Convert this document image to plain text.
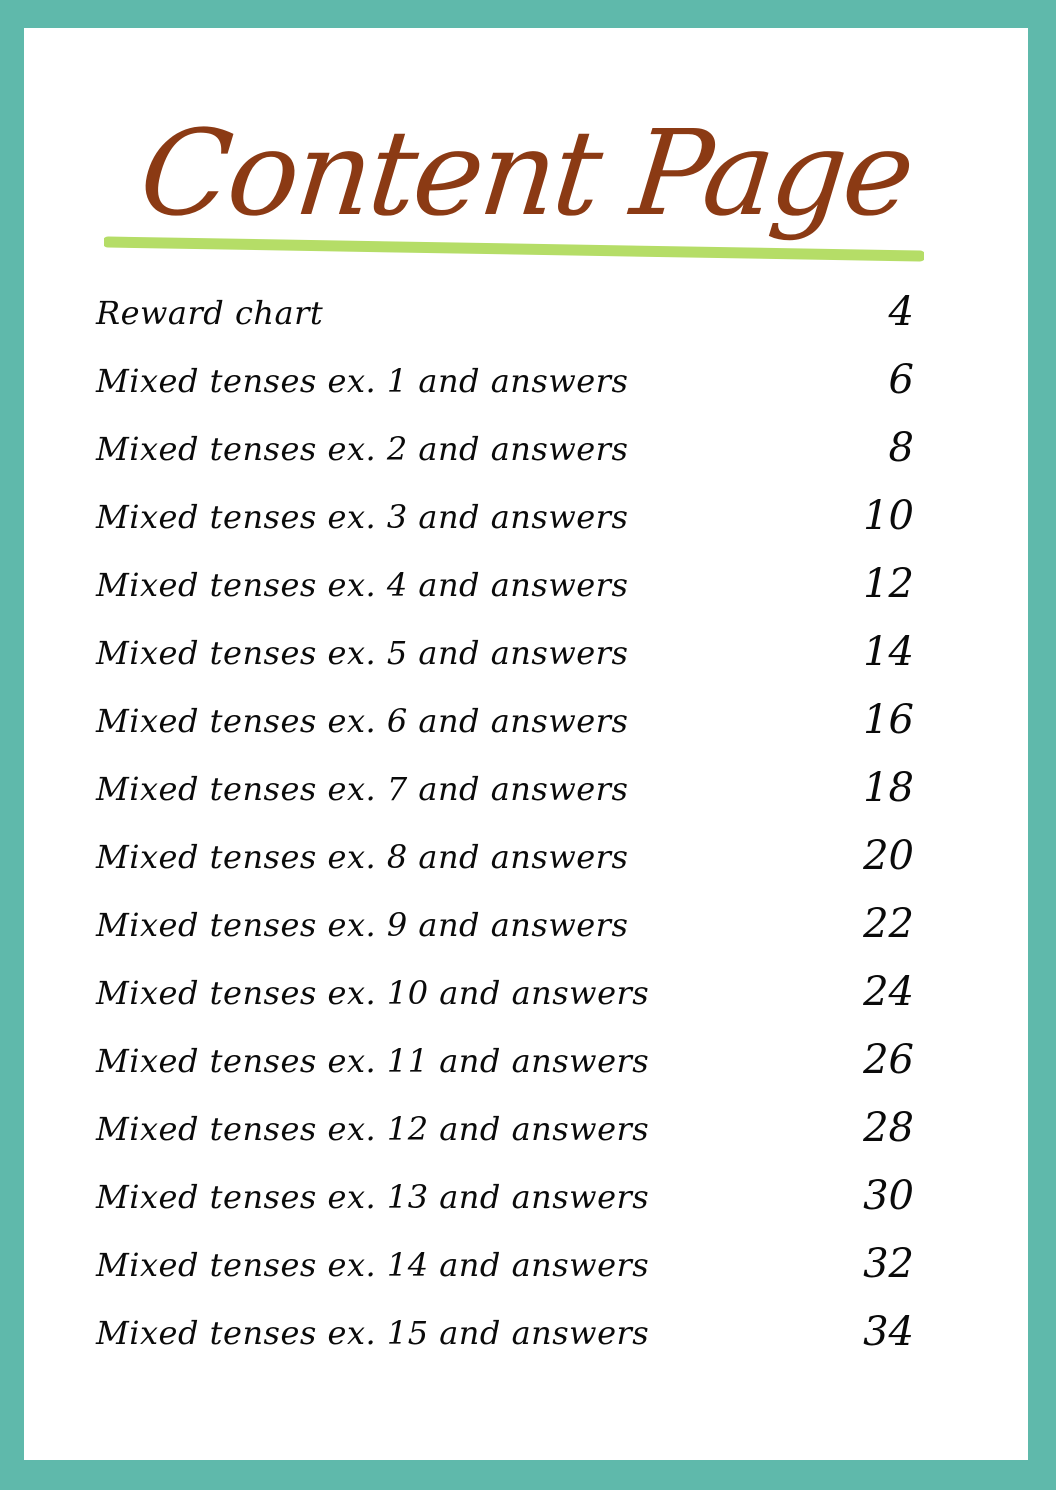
Content Page
Reward chart	4
Mixed tenses ex. 1 and answers	6
Mixed tenses ex. 2 and answers	8
Mixed tenses ex. 3 and answers	10
Mixed tenses ex. 4 and answers	12
Mixed tenses ex. 5 and answers	14
Mixed tenses ex. 6 and answers	16
Mixed tenses ex. 7 and answers	18
Mixed tenses ex. 8 and answers	20
Mixed tenses ex. 9 and answers	22
Mixed tenses ex. 10 and answers	24
Mixed tenses ex. 11 and answers	26
Mixed tenses ex. 12 and answers	28
Mixed tenses ex. 13 and answers	30
Mixed tenses ex. 14 and answers	32
Mixed tenses ex. 15 and answers	34
